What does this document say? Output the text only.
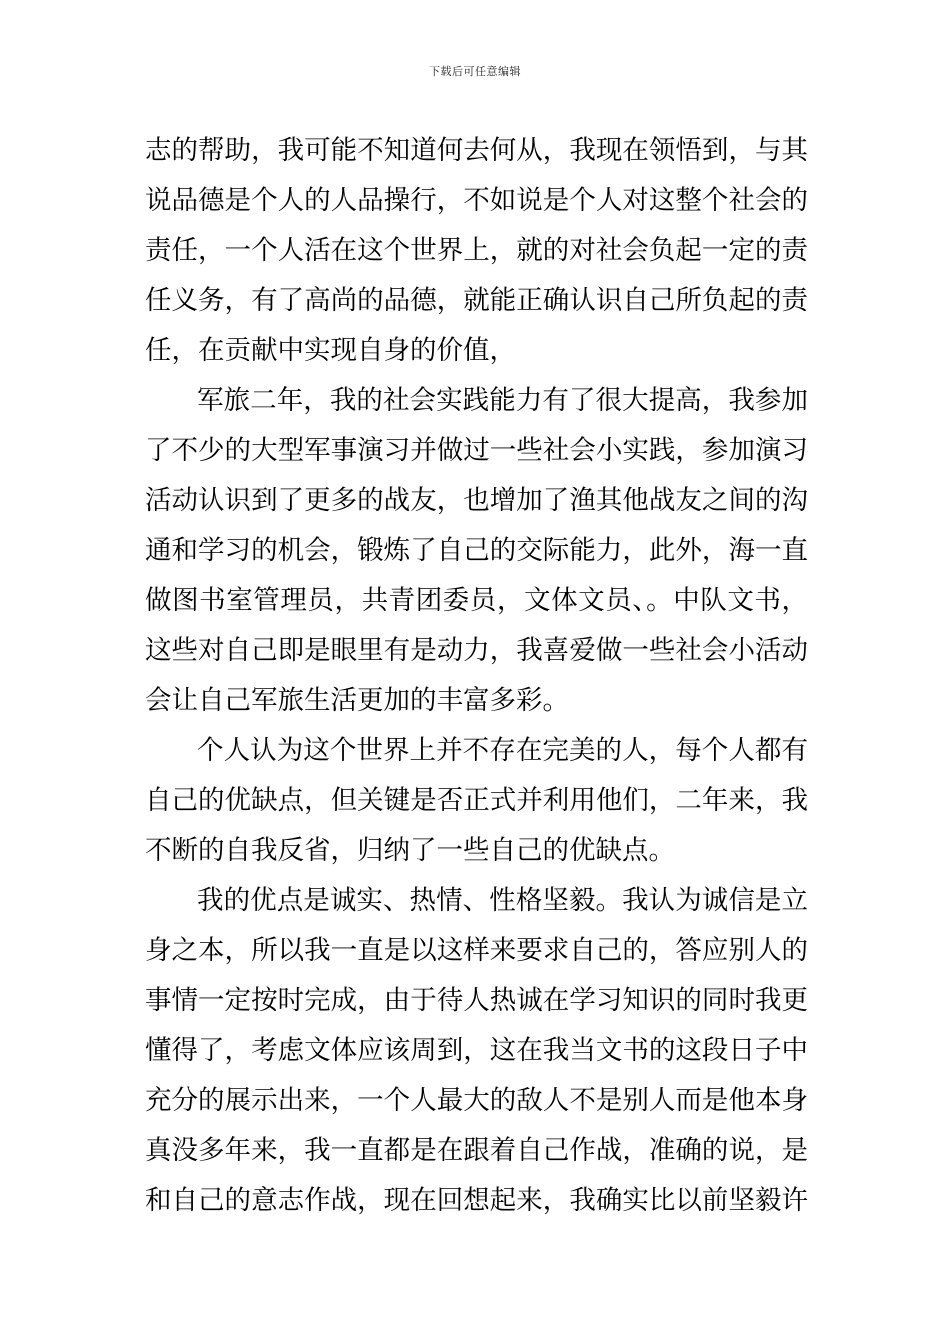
下载后可任意编辑
志的帮助，我可能不知道何去何从，我现在领悟到，与其
说品德是个人的人品操行，不如说是个人对这整个社会的
责任，一个人活在这个世界上，就的对社会负起一定的责
任义务，有了高尚的品德，就能正确认识自己所负起的责
任，在贡献中实现自身的价值，
军旅二年，我的社会实践能力有了很大提高，我参加
了不少的大型军事演习并做过一些社会小实践，参加演习
活动认识到了更多的战友，也增加了渔其他战友之间的沟
通和学习的机会，锻炼了自己的交际能力，此外，海一直
做图书室管理员，共青团委员，文体文员、。中队文书，
这些对自己即是眼里有是动力，我喜爱做一些社会小活动
会让自己军旅生活更加的丰富多彩。
个人认为这个世界上并不存在完美的人，每个人都有
自己的优缺点，但关键是否正式并利用他们，二年来，我
不断的自我反省，归纳了一些自己的优缺点。
我的优点是诚实、热情、性格坚毅。我认为诚信是立
身之本，所以我一直是以这样来要求自己的，答应别人的
事情一定按时完成，由于待人热诚在学习知识的同时我更
懂得了，考虑文体应该周到，这在我当文书的这段日子中
充分的展示出来，一个人最大的敌人不是别人而是他本身
真没多年来，我一直都是在跟着自己作战，准确的说，是
和自己的意志作战，现在回想起来，我确实比以前坚毅许
